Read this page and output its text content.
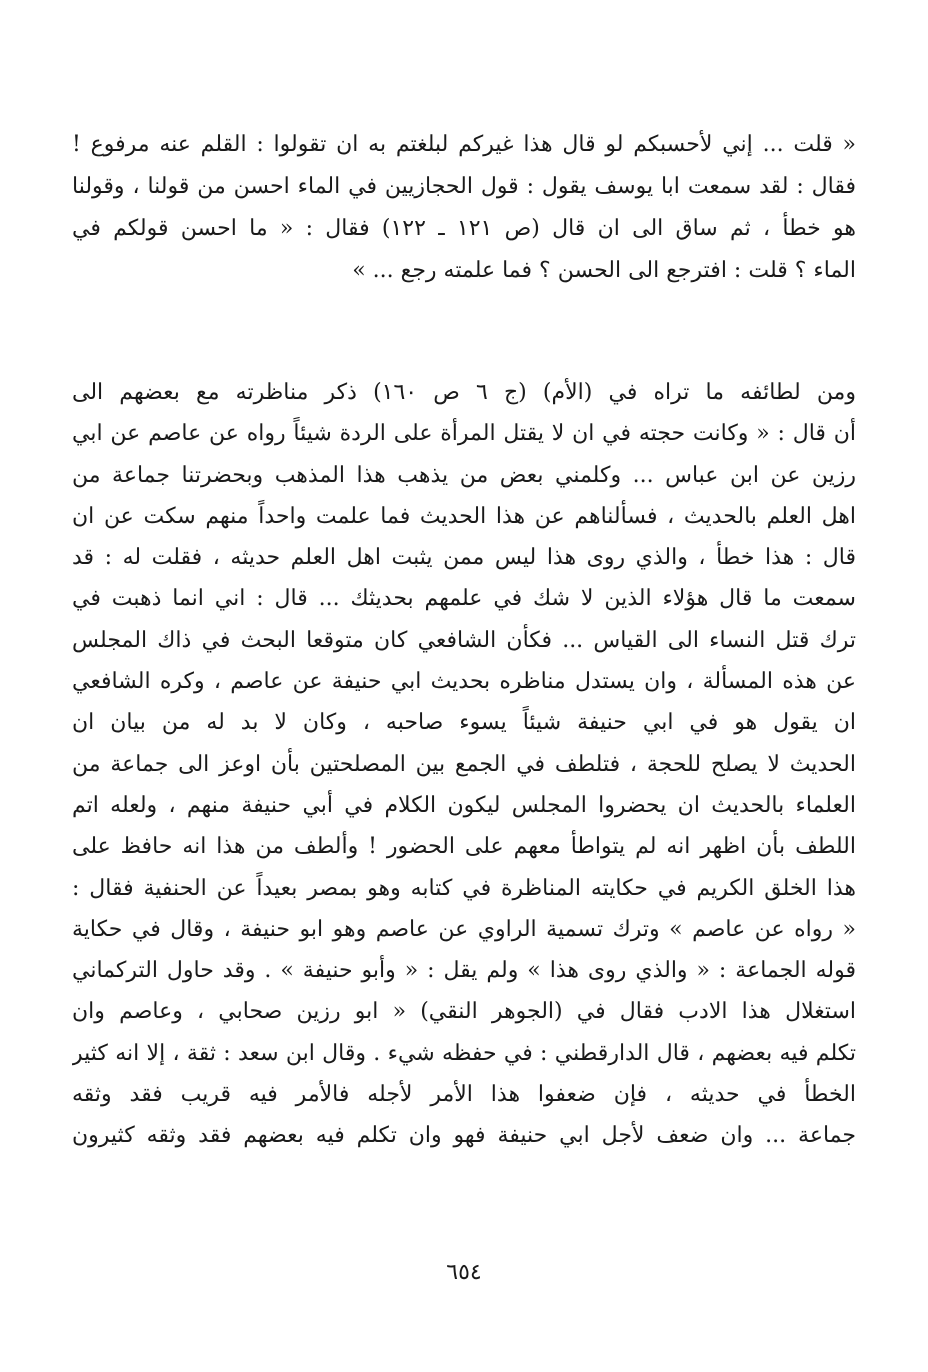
« قلت ... إني لأحسبكم لو قال هذا غيركم لبلغتم به ان تقولوا : القلم عنه مرفوع !
فقال : لقد سمعت ابا يوسف يقول : قول الحجازيين في الماء احسن من قولنا ، وقولنا
هو خطأ ، ثم ساق الى ان قال (ص ١٢١ ـ ١٢٢) فقال : « ما احسن قولكم في
الماء ؟ قلت : افترجع الى الحسن ؟ فما علمته رجع ... »
ومن لطائفه ما تراه في (الأم) (ج ٦ ص ١٦٠) ذكر مناظرته مع بعضهم الى
أن قال : « وكانت حجته في ان لا يقتل المرأة على الردة شيئاً رواه عن عاصم عن ابي
رزين عن ابن عباس ... وكلمني بعض من يذهب هذا المذهب وبحضرتنا جماعة من
اهل العلم بالحديث ، فسألناهم عن هذا الحديث فما علمت واحداً منهم سكت عن ان
قال : هذا خطأ ، والذي روى هذا ليس ممن يثبت اهل العلم حديثه ، فقلت له : قد
سمعت ما قال هؤلاء الذين لا شك في علمهم بحديثك ... قال : اني انما ذهبت في
ترك قتل النساء الى القياس ... فكأن الشافعي كان متوقعا البحث في ذاك المجلس
عن هذه المسألة ، وان يستدل مناظره بحديث ابي حنيفة عن عاصم ، وكره الشافعي
ان يقول هو في ابي حنيفة شيئاً يسوء صاحبه ، وكان لا بد له من بيان ان
الحديث لا يصلح للحجة ، فتلطف في الجمع بين المصلحتين بأن اوعز الى جماعة من
العلماء بالحديث ان يحضروا المجلس ليكون الكلام في أبي حنيفة منهم ، ولعله اتم
اللطف بأن اظهر انه لم يتواطأ معهم على الحضور ! وألطف من هذا انه حافظ على
هذا الخلق الكريم في حكايته المناظرة في كتابه وهو بمصر بعيداً عن الحنفية فقال :
« رواه عن عاصم » وترك تسمية الراوي عن عاصم وهو ابو حنيفة ، وقال في حكاية
قوله الجماعة : « والذي روى هذا » ولم يقل : « وأبو حنيفة » . وقد حاول التركماني
استغلال هذا الادب فقال في (الجوهر النقي) « ابو رزين صحابي ، وعاصم وان
تكلم فيه بعضهم ، قال الدارقطني : في حفظه شيء . وقال ابن سعد : ثقة ، إلا انه كثير
الخطأ في حديثه ، فإن ضعفوا هذا الأمر لأجله فالأمر فيه قريب فقد وثقه
جماعة ... وان ضعف لأجل ابي حنيفة فهو وان تكلم فيه بعضهم فقد وثقه كثيرون
٦٥٤
